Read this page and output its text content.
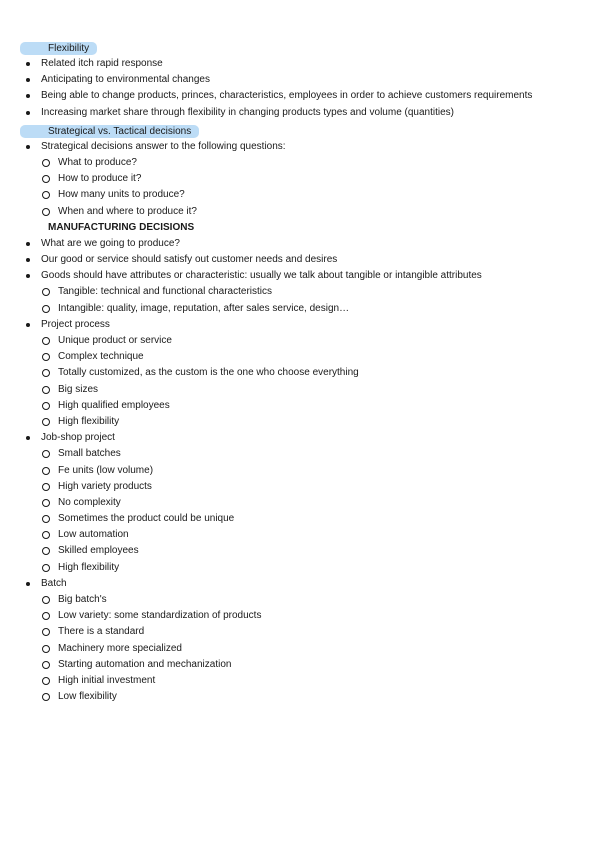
Flexibility
Related itch rapid response
Anticipating to environmental changes
Being able to change products, princes, characteristics, employees in order to achieve customers requirements
Increasing market share through flexibility in changing products types and volume (quantities)
Strategical vs. Tactical decisions
Strategical decisions answer to the following questions:
What to produce?
How to produce it?
How many units to produce?
When and where to produce it?
MANUFACTURING DECISIONS
What are we going to produce?
Our good or service should satisfy out customer needs and desires
Goods should have attributes or characteristic: usually we talk about tangible or intangible attributes
Tangible: technical and functional characteristics
Intangible: quality, image, reputation, after sales service, design…
Project process
Unique product or service
Complex technique
Totally customized, as the custom is the one who choose everything
Big sizes
High qualified employees
High flexibility
Job-shop project
Small batches
Fe units (low volume)
High variety products
No complexity
Sometimes the product could be unique
Low automation
Skilled employees
High flexibility
Batch
Big batch's
Low variety: some standardization of products
There is a standard
Machinery more specialized
Starting automation and mechanization
High initial investment
Low flexibility
